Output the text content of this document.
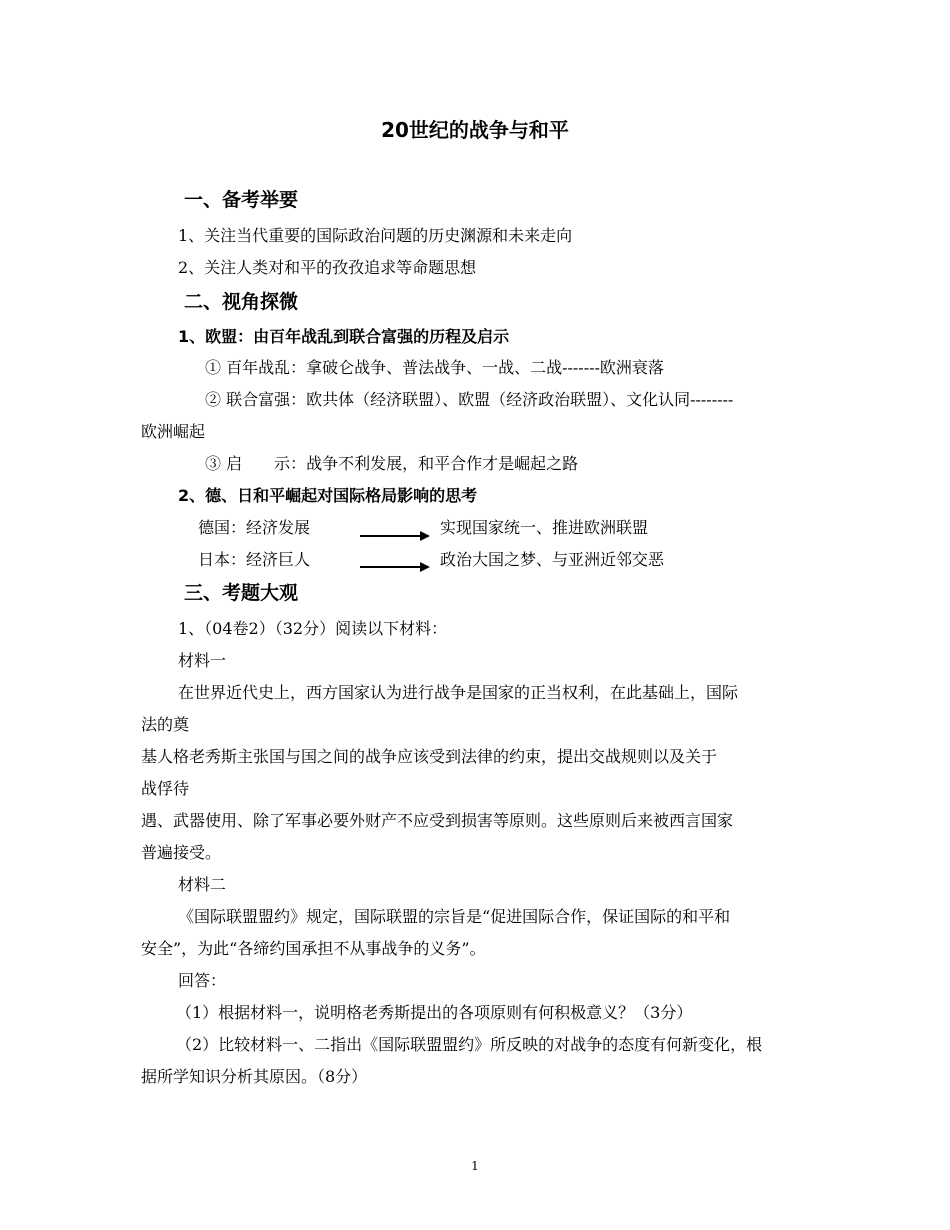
20世纪的战争与和平
一、备考举要
1、关注当代重要的国际政治问题的历史渊源和未来走向
2、关注人类对和平的孜孜追求等命题思想
二、视角探微
1、欧盟：由百年战乱到联合富强的历程及启示
① 百年战乱：拿破仑战争、普法战争、一战、二战-------欧洲衰落
② 联合富强：欧共体（经济联盟）、欧盟（经济政治联盟）、文化认同--------
欧洲崛起
③ 启　　示：战争不利发展，和平合作才是崛起之路
2、德、日和平崛起对国际格局影响的思考
德国：经济发展	实现国家统一、推进欧洲联盟
日本：经济巨人	政治大国之梦、与亚洲近邻交恶
三、考题大观
1、（04卷2）（32分）阅读以下材料：
材料一
在世界近代史上，西方国家认为进行战争是国家的正当权利，在此基础上，国际
法的奠
基人格老秀斯主张国与国之间的战争应该受到法律的约束，提出交战规则以及关于
战俘待
遇、武器使用、除了军事必要外财产不应受到损害等原则。这些原则后来被西言国家
普遍接受。
材料二
《国际联盟盟约》规定，国际联盟的宗旨是“促进国际合作，保证国际的和平和
安全”，为此“各缔约国承担不从事战争的义务”。
回答：
（1）根据材料一，说明格老秀斯提出的各项原则有何积极意义？（3分）
（2）比较材料一、二指出《国际联盟盟约》所反映的对战争的态度有何新变化，根
据所学知识分析其原因。（8分）
1
